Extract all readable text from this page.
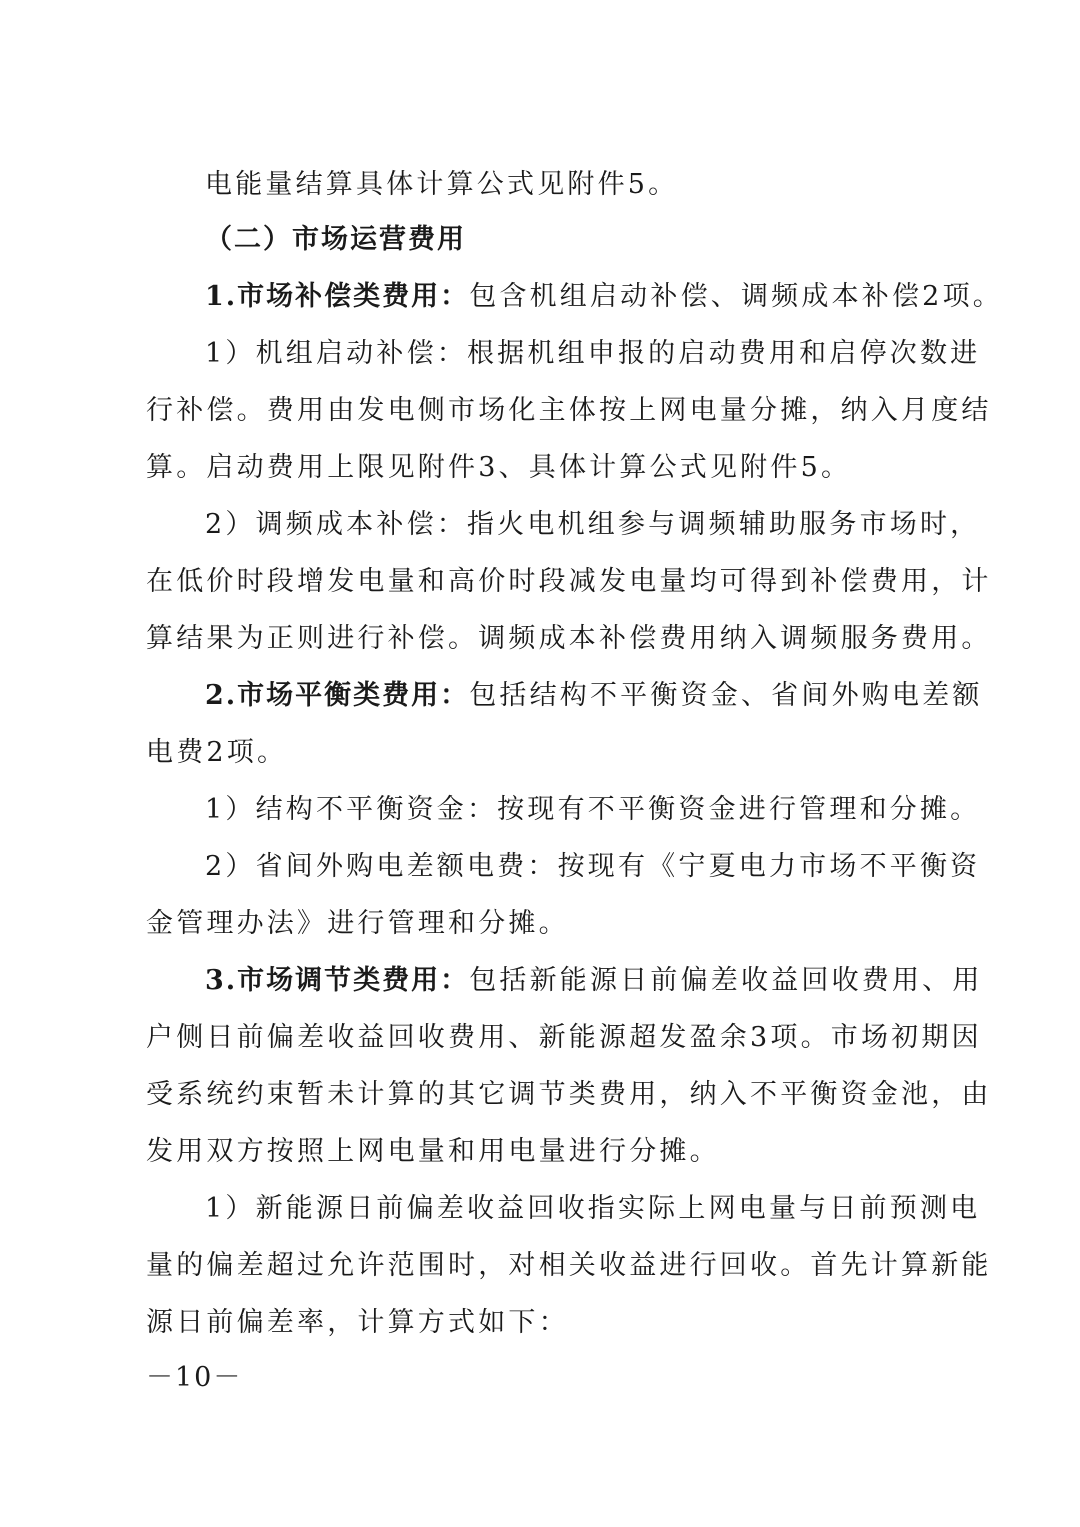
电能量结算具体计算公式见附件5。
（二）市场运营费用
1.市场补偿类费用：包含机组启动补偿、调频成本补偿2项。
1）机组启动补偿：根据机组申报的启动费用和启停次数进
行补偿。费用由发电侧市场化主体按上网电量分摊，纳入月度结
算。启动费用上限见附件3、具体计算公式见附件5。
2）调频成本补偿：指火电机组参与调频辅助服务市场时，
在低价时段增发电量和高价时段减发电量均可得到补偿费用，计
算结果为正则进行补偿。调频成本补偿费用纳入调频服务费用。
2.市场平衡类费用：包括结构不平衡资金、省间外购电差额
电费2项。
1）结构不平衡资金：按现有不平衡资金进行管理和分摊。
2）省间外购电差额电费：按现有《宁夏电力市场不平衡资
金管理办法》进行管理和分摊。
3.市场调节类费用：包括新能源日前偏差收益回收费用、用
户侧日前偏差收益回收费用、新能源超发盈余3项。市场初期因
受系统约束暂未计算的其它调节类费用，纳入不平衡资金池，由
发用双方按照上网电量和用电量进行分摊。
1）新能源日前偏差收益回收指实际上网电量与日前预测电
量的偏差超过允许范围时，对相关收益进行回收。首先计算新能
源日前偏差率，计算方式如下：
－10－
